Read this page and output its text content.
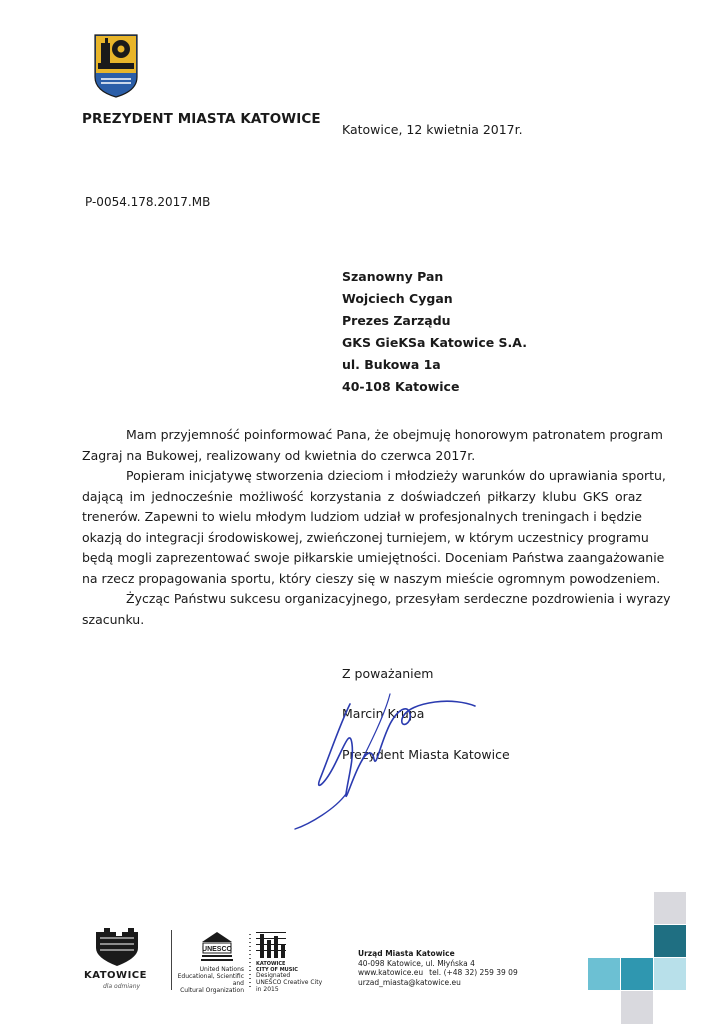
PREZYDENT MIASTA KATOWICE
Katowice, 12 kwietnia 2017r.
P-0054.178.2017.MB
Szanowny Pan
Wojciech Cygan
Prezes Zarządu
GKS GieKSa Katowice S.A.
ul. Bukowa 1a
40-108 Katowice
Mam przyjemność poinformować Pana, że obejmuję honorowym patronatem program
Zagraj na Bukowej, realizowany od kwietnia do czerwca 2017r.
Popieram inicjatywę stworzenia dzieciom i młodzieży warunków do uprawiania sportu,
dającą im jednocześnie możliwość korzystania z doświadczeń piłkarzy klubu GKS oraz
trenerów. Zapewni to wielu młodym ludziom udział w profesjonalnych treningach i będzie
okazją do integracji środowiskowej, zwieńczonej turniejem, w którym uczestnicy programu
będą mogli zaprezentować swoje piłkarskie umiejętności. Doceniam Państwa zaangażowanie
na rzecz propagowania sportu, który cieszy się w naszym mieście ogromnym powodzeniem.
Życząc Państwu sukcesu organizacyjnego, przesyłam serdeczne pozdrowienia i wyrazy
szacunku.
Z poważaniem
Marcin Krupa
Prezydent Miasta Katowice
KATOWICE
dla odmiany
UNESCO
United Nations
Educational, Scientific and
Cultural Organization
KATOWICE
CITY OF MUSIC
Designated
UNESCO Creative City
in 2015
Urząd Miasta Katowice
40-098 Katowice, ul. Młyńska 4
www.katowice.eu tel. (+48 32) 259 39 09
urzad_miasta@katowice.eu
